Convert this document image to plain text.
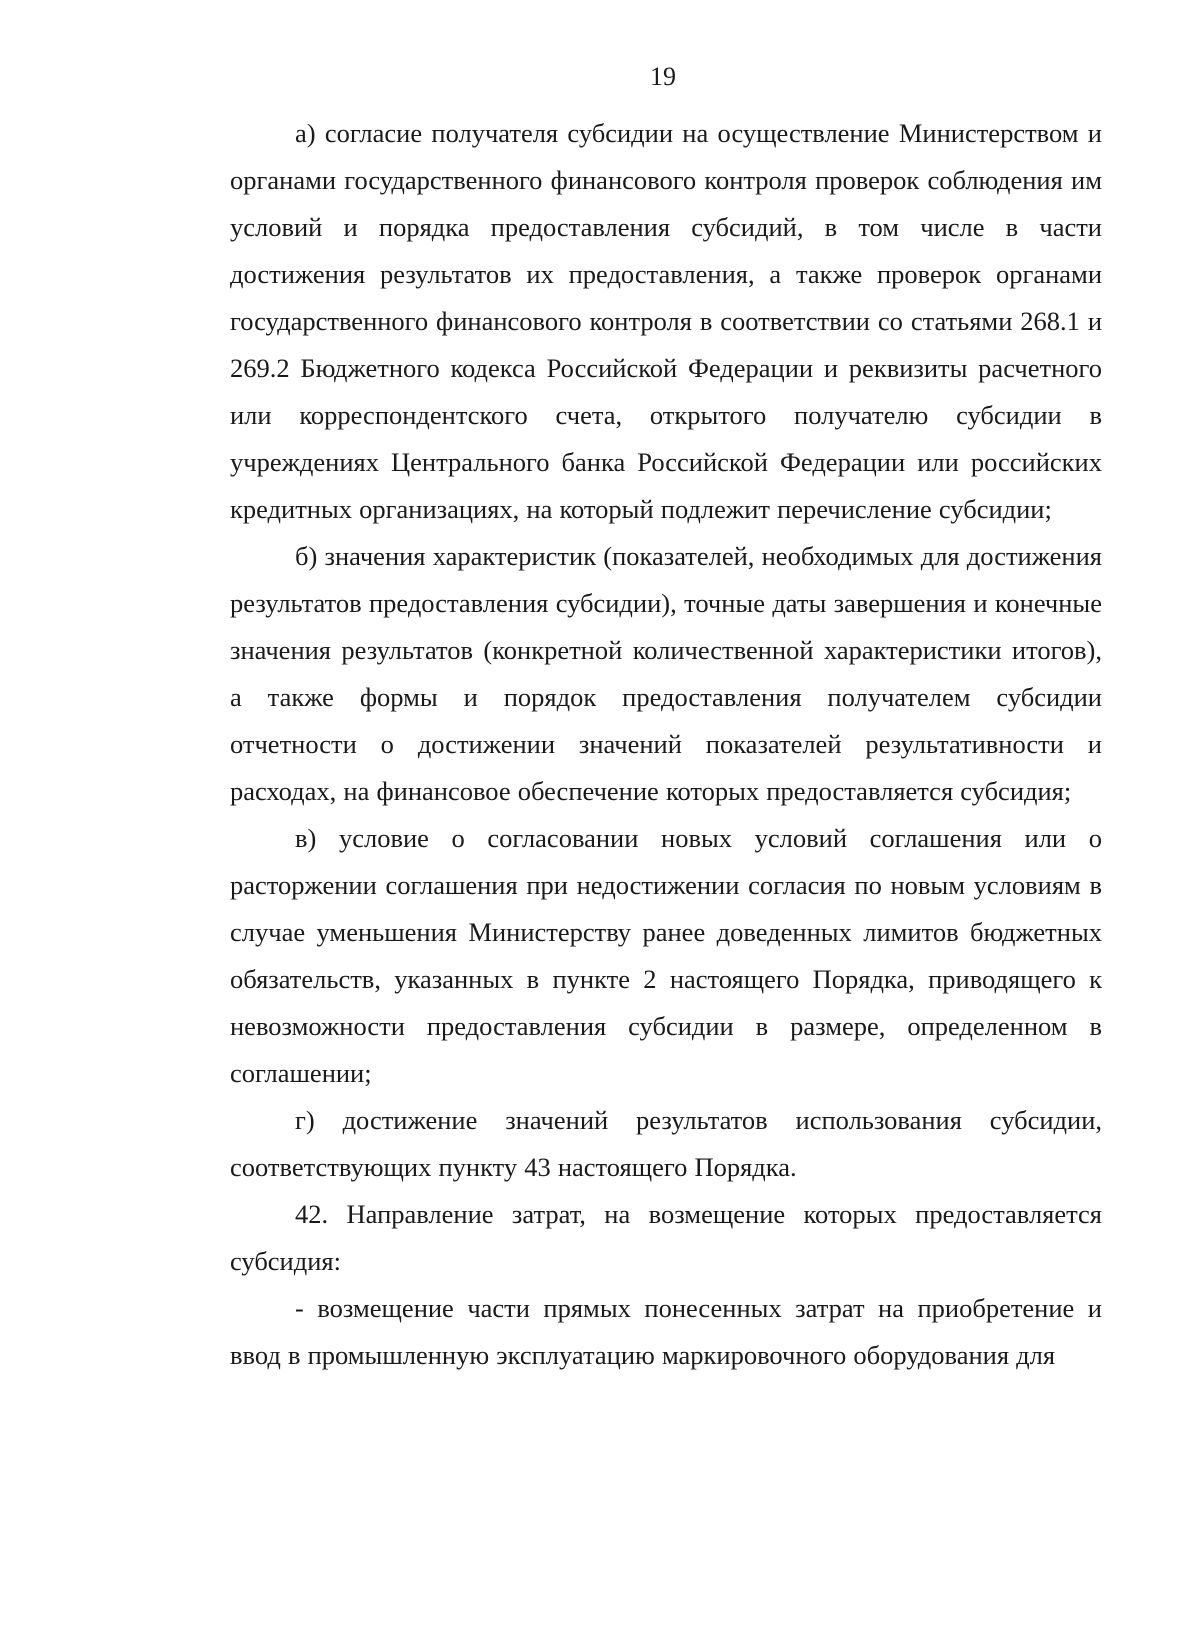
19

а) согласие получателя субсидии на осуществление Министерством и органами государственного финансового контроля проверок соблюдения им условий и порядка предоставления субсидий, в том числе в части достижения результатов их предоставления, а также проверок органами государственного финансового контроля в соответствии со статьями 268.1 и 269.2 Бюджетного кодекса Российской Федерации и реквизиты расчетного или корреспондентского счета, открытого получателю субсидии в учреждениях Центрального банка Российской Федерации или российских кредитных организациях, на который подлежит перечисление субсидии;

б) значения характеристик (показателей, необходимых для достижения результатов предоставления субсидии), точные даты завершения и конечные значения результатов (конкретной количественной характеристики итогов), а также формы и порядок предоставления получателем субсидии отчетности о достижении значений показателей результативности и расходах, на финансовое обеспечение которых предоставляется субсидия;

в) условие о согласовании новых условий соглашения или о расторжении соглашения при недостижении согласия по новым условиям в случае уменьшения Министерству ранее доведенных лимитов бюджетных обязательств, указанных в пункте 2 настоящего Порядка, приводящего к невозможности предоставления субсидии в размере, определенном в соглашении;

г) достижение значений результатов использования субсидии, соответствующих пункту 43 настоящего Порядка.

42. Направление затрат, на возмещение которых предоставляется субсидия:

- возмещение части прямых понесенных затрат на приобретение и ввод в промышленную эксплуатацию маркировочного оборудования для
